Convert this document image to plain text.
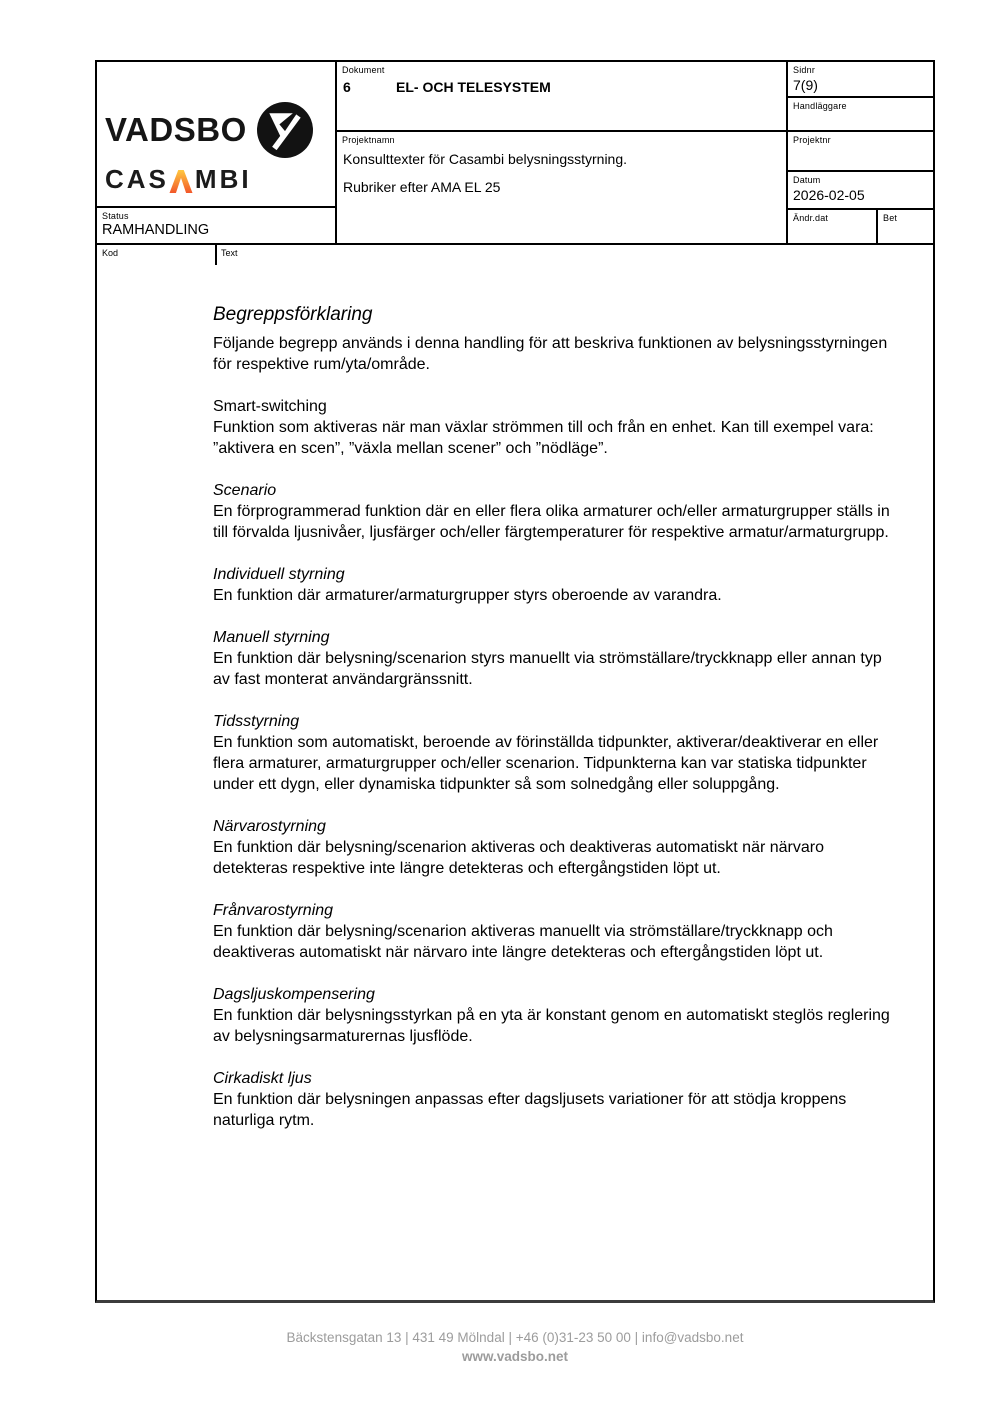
VADSBO
CAS MBI
Status
RAMHANDLING
Dokument
6	EL- OCH TELESYSTEM
Projektnamn
Konsulttexter för Casambi belysningsstyrning.
Rubriker efter AMA EL 25
Sidnr
7(9)
Handläggare
Projektnr
Datum
2026-02-05
Ändr.dat	Bet
Kod	Text
Begreppsförklaring

Följande begrepp används i denna handling för att beskriva funktionen av belysningsstyrningen för respektive rum/yta/område.

Smart-switching
Funktion som aktiveras när man växlar strömmen till och från en enhet. Kan till exempel vara: ”aktivera en scen”, ”växla mellan scener” och ”nödläge”.
Scenario
En förprogrammerad funktion där en eller flera olika armaturer och/eller armaturgrupper ställs in till förvalda ljusnivåer, ljusfärger och/eller färgtemperaturer för respektive armatur/armaturgrupp.
Individuell styrning
En funktion där armaturer/armaturgrupper styrs oberoende av varandra.
Manuell styrning
En funktion där belysning/scenarion styrs manuellt via strömställare/tryckknapp eller annan typ av fast monterat användargränssnitt.
Tidsstyrning
En funktion som automatiskt, beroende av förinställda tidpunkter, aktiverar/deaktiverar en eller flera armaturer, armaturgrupper och/eller scenarion. Tidpunkterna kan var statiska tidpunkter under ett dygn, eller dynamiska tidpunkter så som solnedgång eller soluppgång.
Närvarostyrning
En funktion där belysning/scenarion aktiveras och deaktiveras automatiskt när närvaro detekteras respektive inte längre detekteras och eftergångstiden löpt ut.
Frånvarostyrning
En funktion där belysning/scenarion aktiveras manuellt via strömställare/tryckknapp och deaktiveras automatiskt när närvaro inte längre detekteras och eftergångstiden löpt ut.
Dagsljuskompensering
En funktion där belysningsstyrkan på en yta är konstant genom en automatiskt steglös reglering av belysningsarmaturernas ljusflöde.
Cirkadiskt ljus
En funktion där belysningen anpassas efter dagsljusets variationer för att stödja kroppens naturliga rytm.
Bäckstensgatan 13 | 431 49 Mölndal | +46 (0)31-23 50 00 | info@vadsbo.net
www.vadsbo.net
